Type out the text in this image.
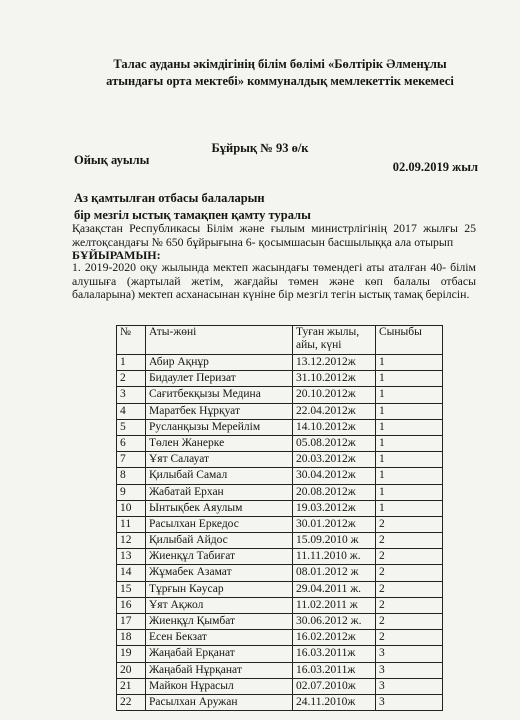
Талас ауданы әкімдігінің білім бөлімі «Бөлтірік Әлменұлы
атындағы орта мектебі» коммуналдық мемлекеттік мекемесі
Бұйрық № 93 ө/к
Ойық ауылы	02.09.2019 жыл
Аз қамтылған отбасы балаларын
бір мезгіл ыстық тамақпен қамту туралы
Қазақстан Республикасы Білім және ғылым министрлігінің 2017 жылғы 25 желтоқсандағы № 650 бұйрығына 6- қосымшасын басшылыққа ала отырып
БҰЙЫРАМЫН:
1. 2019-2020 оқу жылында мектеп жасындағы төмендегі аты аталған 40- білім алушыға (жартылай жетім, жағдайы төмен және көп балалы отбасы балаларына) мектеп асханасынан күніне бір мезгіл тегін ыстық тамақ берілсін.
№	Аты-жөні	Туған жылы, айы, күні	Сыныбы
1	Абир Ақнұр	13.12.2012ж	1
2	Бидаулет Перизат	31.10.2012ж	1
3	Сағитбекқызы Медина	20.10.2012ж	1
4	Маратбек Нұрқуат	22.04.2012ж	1
5	Русланқызы Мерейлім	14.10.2012ж	1
6	Төлен Жанерке	05.08.2012ж	1
7	Ұят Салауат	20.03.2012ж	1
8	Қилыбай Самал	30.04.2012ж	1
9	Жабатай Ерхан	20.08.2012ж	1
10	Ынтықбек Аяулым	19.03.2012ж	1
11	Расылхан Еркедос	30.01.2012ж	2
12	Қилыбай Айдос	15.09.2010 ж	2
13	Жиенқұл Табиғат	11.11.2010 ж.	2
14	Жұмабек Азамат	08.01.2012 ж	2
15	Тұрғын Кәусар	29.04.2011 ж.	2
16	Ұят Ақжол	11.02.2011 ж	2
17	Жиенқұл Қымбат	30.06.2012 ж.	2
18	Есен Бекзат	16.02.2012ж	2
19	Жаңабай Ерқанат	16.03.2011ж	3
20	Жаңабай Нұрқанат	16.03.2011ж	3
21	Майкон Нұрасыл	02.07.2010ж	3
22	Расылхан Аружан	24.11.2010ж	3
